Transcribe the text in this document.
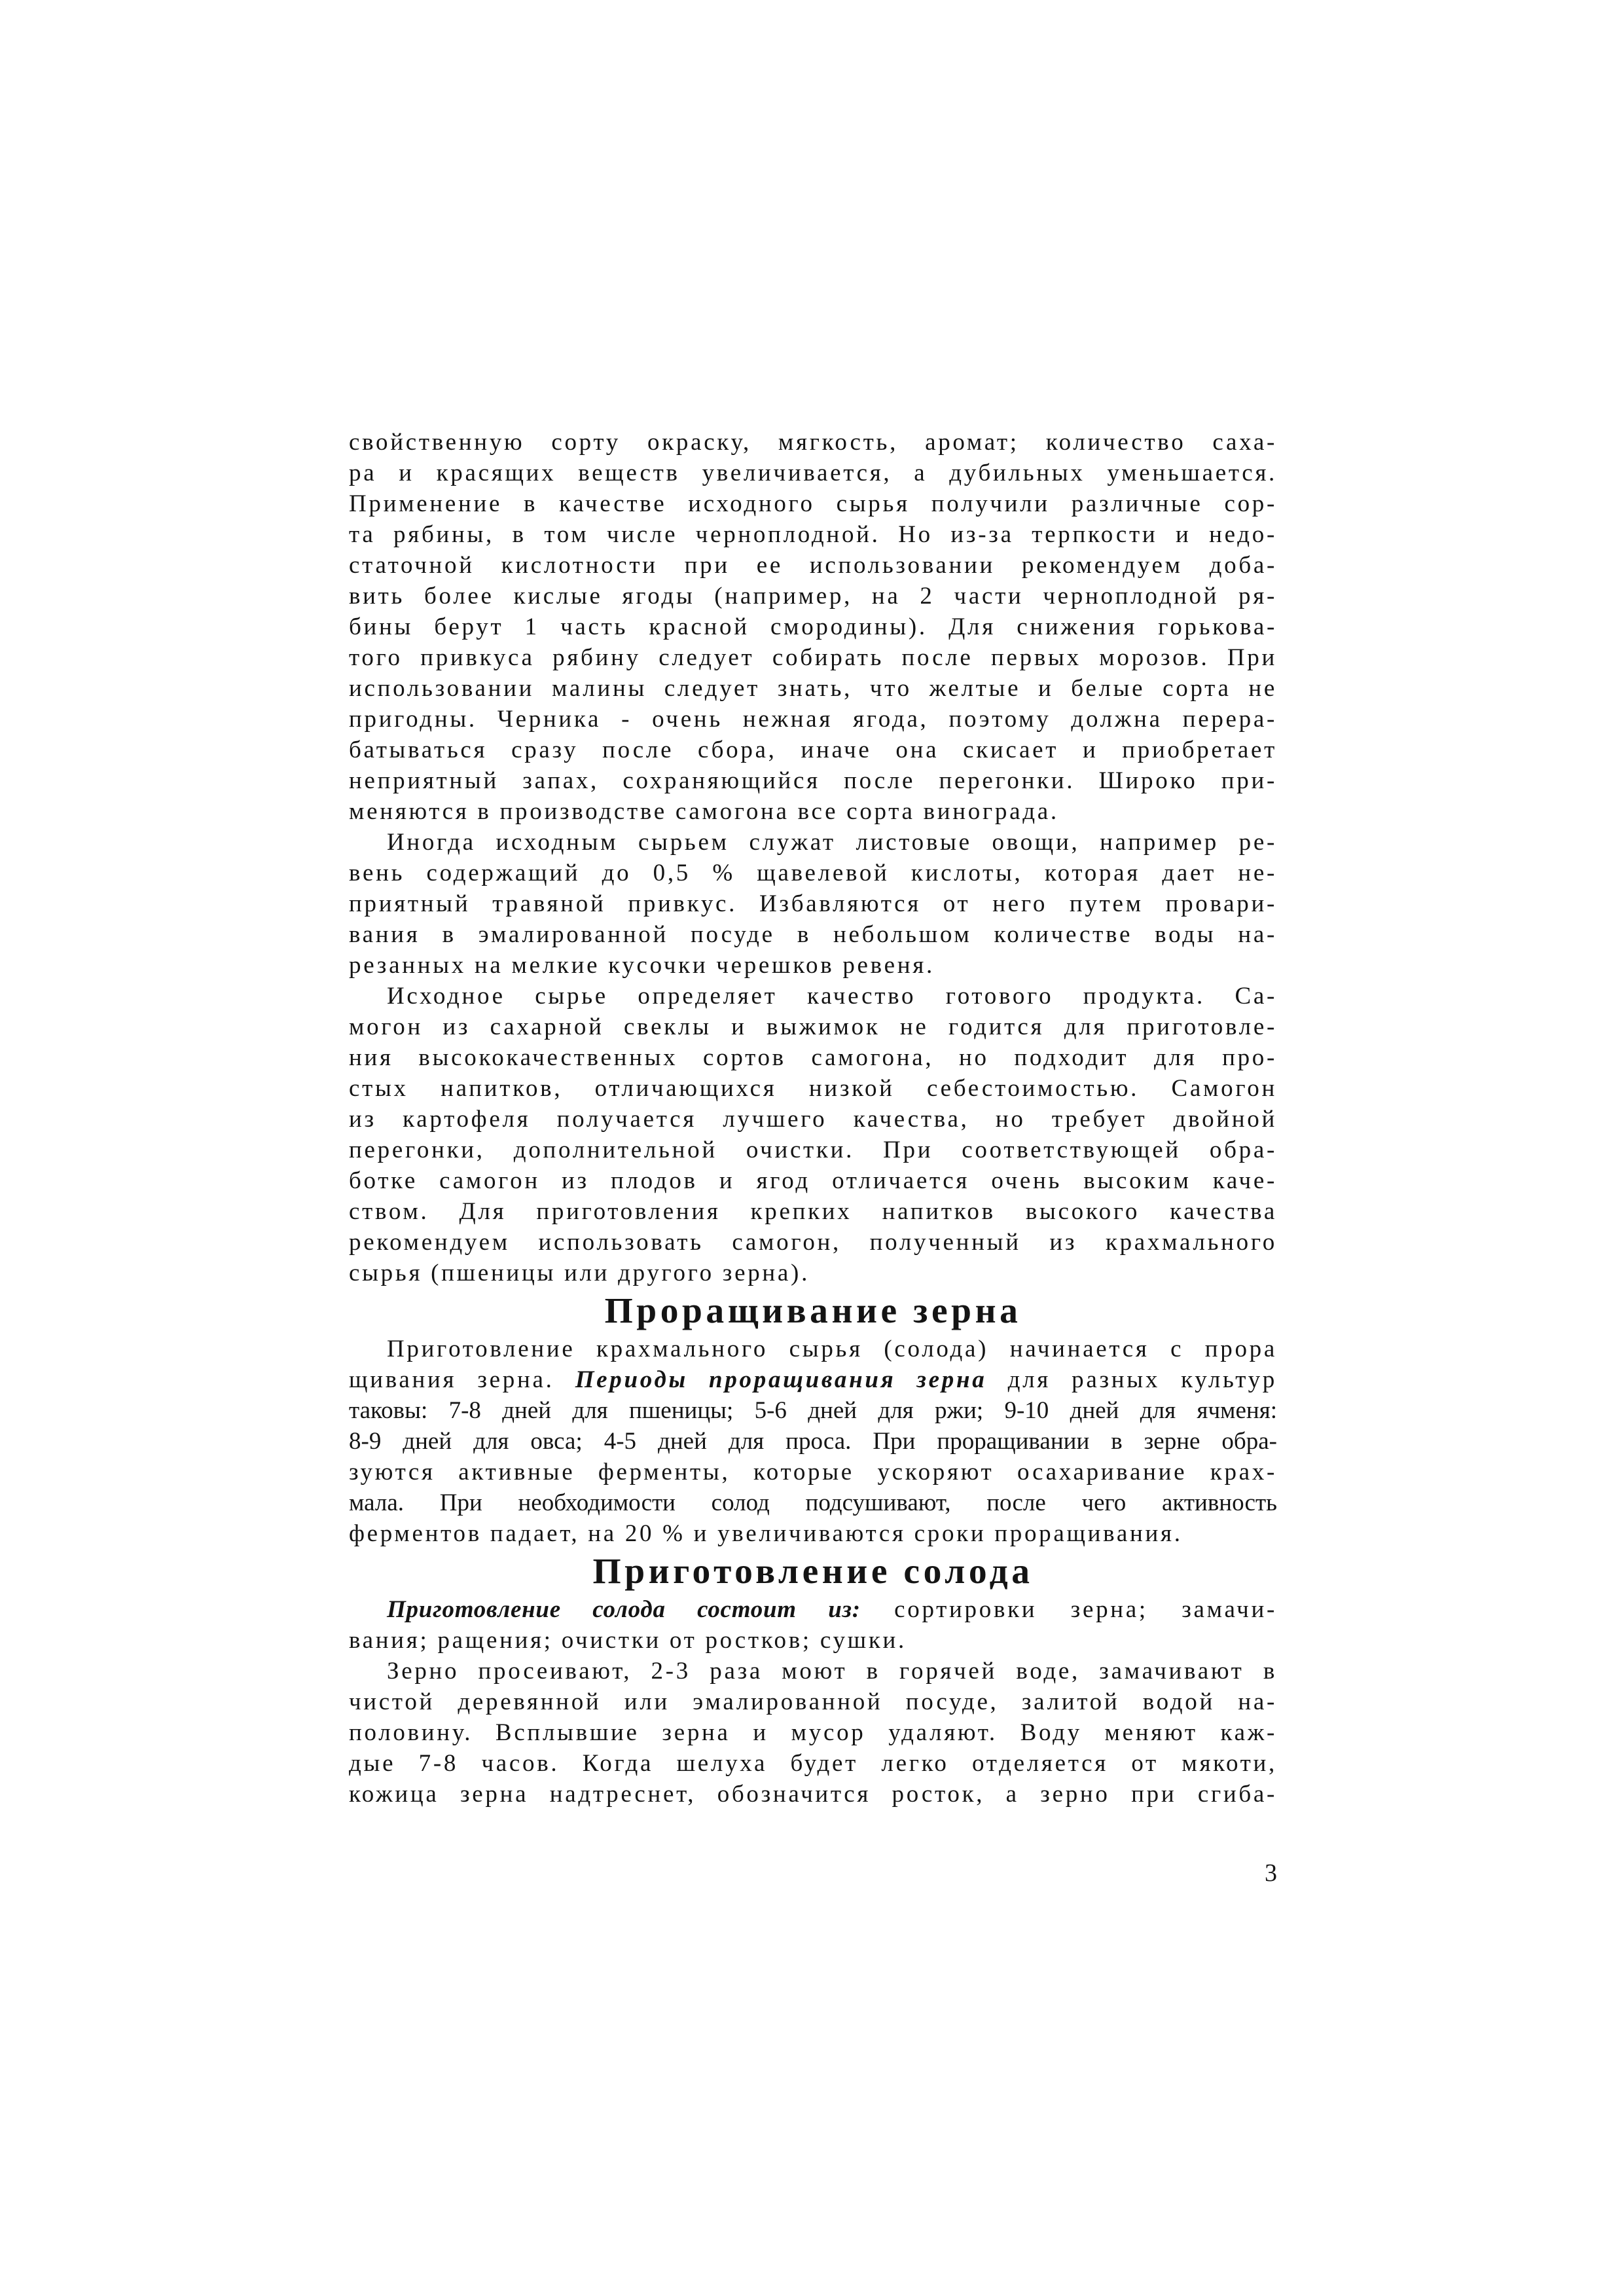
свойственную сорту окраску, мягкость, аромат; количество саха-
ра и красящих веществ увеличивается, а дубильных уменьшается.
Применение в качестве исходного сырья получили различные сор-
та рябины, в том числе черноплодной. Но из-за терпкости и недо-
статочной кислотности при ее использовании рекомендуем доба-
вить более кислые ягоды (например, на 2 части черноплодной ря-
бины берут 1 часть красной смородины). Для снижения горькова-
того привкуса рябину следует собирать после первых морозов. При
использовании малины следует знать, что желтые и белые сорта не
пригодны. Черника - очень нежная ягода, поэтому должна перера-
батываться сразу после сбора, иначе она скисает и приобретает
неприятный запах, сохраняющийся после перегонки. Широко при-
меняются в производстве самогона все сорта винограда.
Иногда исходным сырьем служат листовые овощи, например ре-
вень содержащий до 0,5 % щавелевой кислоты, которая дает не-
приятный травяной привкус. Избавляются от него путем провари-
вания в эмалированной посуде в небольшом количестве воды на-
резанных на мелкие кусочки черешков ревеня.
Исходное сырье определяет качество готового продукта. Са-
могон из сахарной свеклы и выжимок не годится для приготовле-
ния высококачественных сортов самогона, но подходит для про-
стых напитков, отличающихся низкой себестоимостью. Самогон
из картофеля получается лучшего качества, но требует двойной
перегонки, дополнительной очистки. При соответствующей обра-
ботке самогон из плодов и ягод отличается очень высоким каче-
ством. Для приготовления крепких напитков высокого качества
рекомендуем использовать самогон, полученный из крахмального
сырья (пшеницы или другого зерна).
Проращивание зерна
Приготовление крахмального сырья (солода) начинается с прора
щивания зерна. Периоды проращивания зерна для разных культур
таковы: 7-8 дней для пшеницы; 5-6 дней для ржи; 9-10 дней для ячменя:
8-9 дней для овса; 4-5 дней для проса. При проращивании в зерне обра-
зуются активные ферменты, которые ускоряют осахаривание крах-
мала. При необходимости солод подсушивают, после чего активность
ферментов падает, на 20 % и увеличиваются сроки проращивания.
Приготовление солода
Приготовление солода состоит из: сортировки зерна; замачи-
вания; ращения; очистки от ростков; сушки.
Зерно просеивают, 2-3 раза моют в горячей воде, замачивают в
чистой деревянной или эмалированной посуде, залитой водой на-
половину. Всплывшие зерна и мусор удаляют. Воду меняют каж-
дые 7-8 часов. Когда шелуха будет легко отделяется от мякоти,
кожица зерна надтреснет, обозначится росток, а зерно при сгиба-
3
